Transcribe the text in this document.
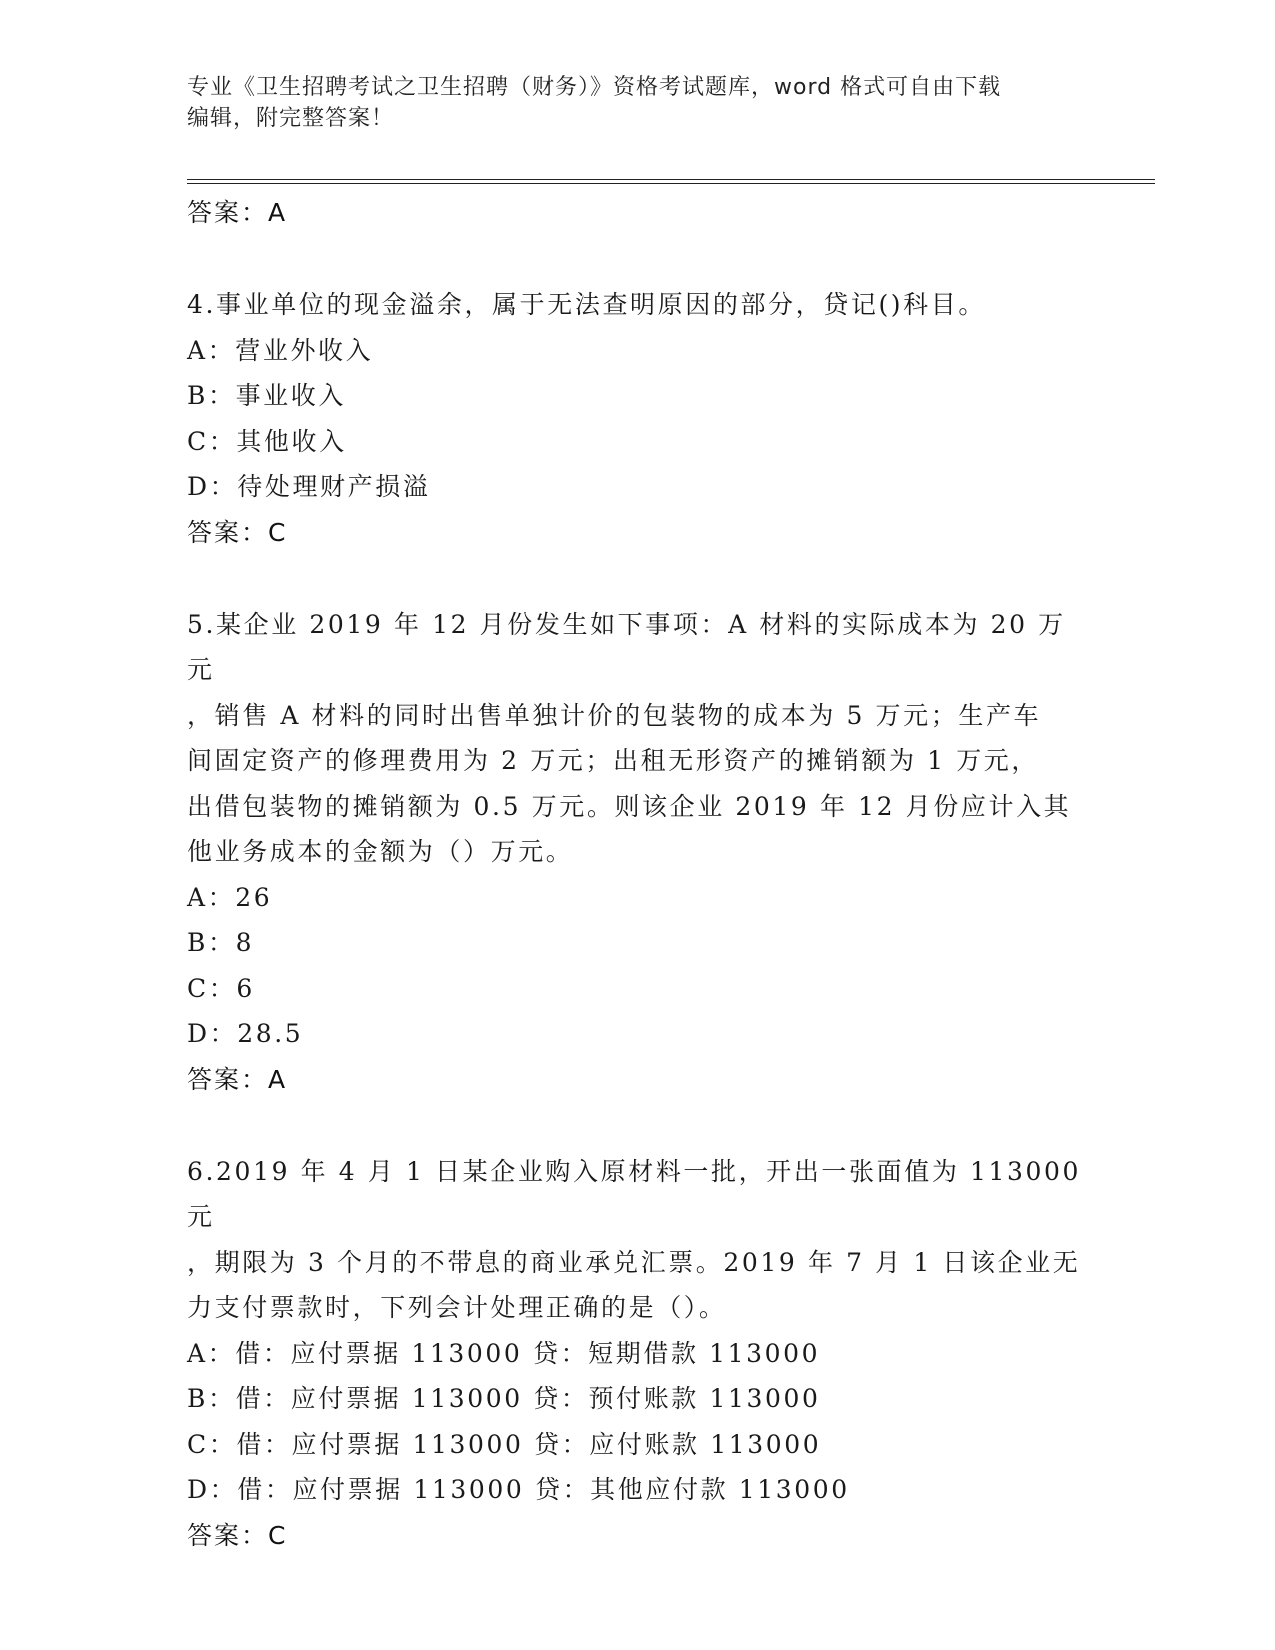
专业《卫生招聘考试之卫生招聘（财务）》资格考试题库，word 格式可自由下载
编辑，附完整答案！
答案：A
4.事业单位的现金溢余，属于无法查明原因的部分，贷记()科目。
A：营业外收入
B：事业收入
C：其他收入
D：待处理财产损溢
答案：C
5.某企业 2019 年 12 月份发生如下事项：A 材料的实际成本为 20 万元
，销售 A 材料的同时出售单独计价的包装物的成本为 5 万元；生产车
间固定资产的修理费用为 2 万元；出租无形资产的摊销额为 1 万元，
出借包装物的摊销额为 0.5 万元。则该企业 2019 年 12 月份应计入其
他业务成本的金额为（）万元。
A：26
B：8
C：6
D：28.5
答案：A
6.2019 年 4 月 1 日某企业购入原材料一批，开出一张面值为 113000 元
，期限为 3 个月的不带息的商业承兑汇票。2019 年 7 月 1 日该企业无
力支付票款时，下列会计处理正确的是（）。
A：借：应付票据 113000 贷：短期借款 113000
B：借：应付票据 113000 贷：预付账款 113000
C：借：应付票据 113000 贷：应付账款 113000
D：借：应付票据 113000 贷：其他应付款 113000
答案：C
